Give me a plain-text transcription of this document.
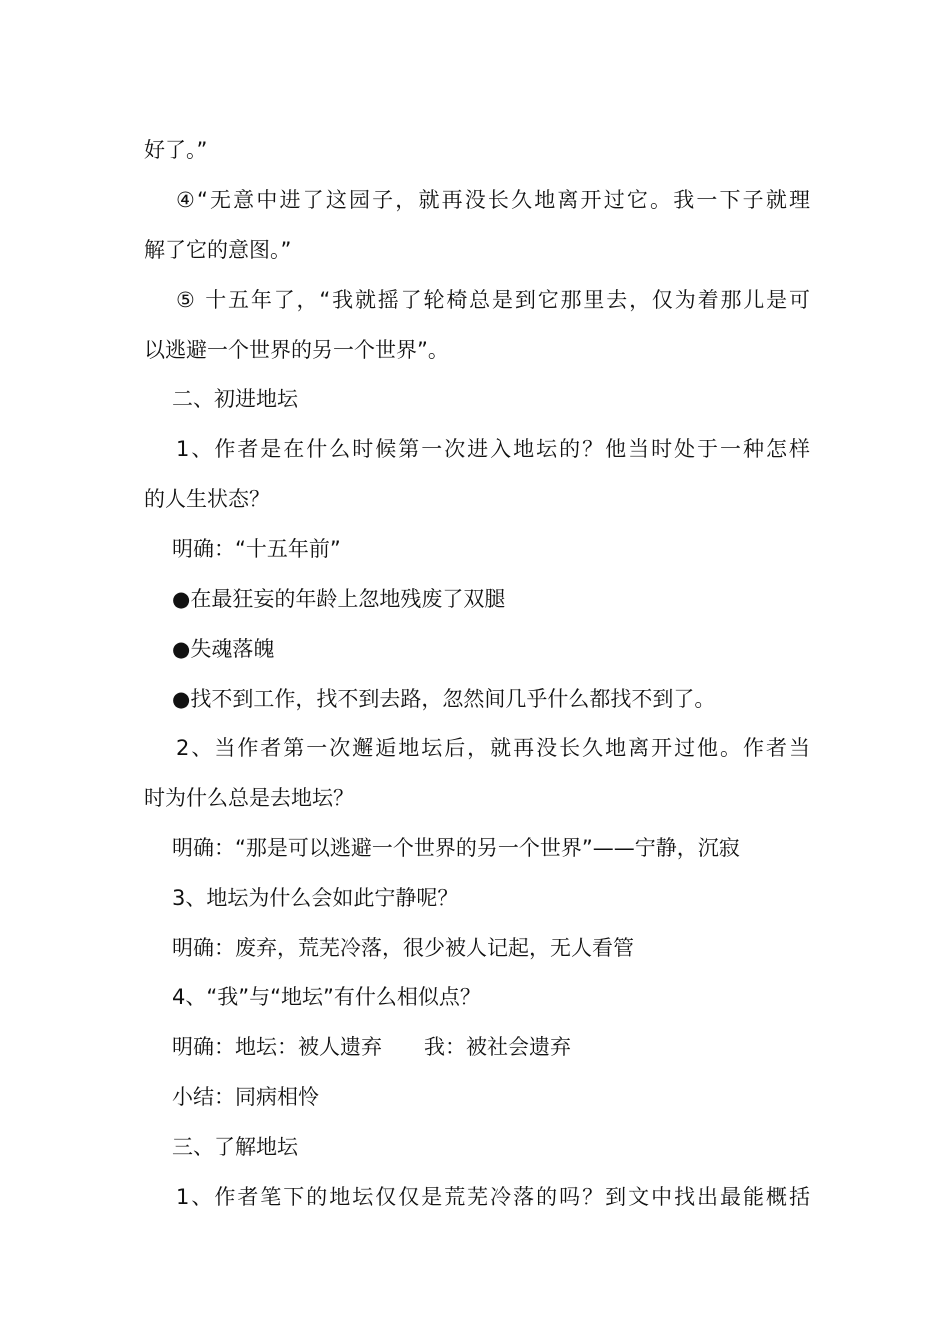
好了。”
④“无意中进了这园子，就再没长久地离开过它。我一下子就理
解了它的意图。”
⑤ 十五年了，“我就摇了轮椅总是到它那里去，仅为着那儿是可
以逃避一个世界的另一个世界”。
二、初进地坛
1、作者是在什么时候第一次进入地坛的？他当时处于一种怎样
的人生状态？
明确：“十五年前”
●在最狂妄的年龄上忽地残废了双腿
●失魂落魄
●找不到工作，找不到去路，忽然间几乎什么都找不到了。
2、当作者第一次邂逅地坛后，就再没长久地离开过他。作者当
时为什么总是去地坛？
明确：“那是可以逃避一个世界的另一个世界”——宁静，沉寂
3、地坛为什么会如此宁静呢？
明确：废弃，荒芜冷落，很少被人记起，无人看管
4、“我”与“地坛”有什么相似点？
明确：地坛：被人遗弃　　我：被社会遗弃
小结：同病相怜
三、了解地坛
1、作者笔下的地坛仅仅是荒芜冷落的吗？到文中找出最能概括
